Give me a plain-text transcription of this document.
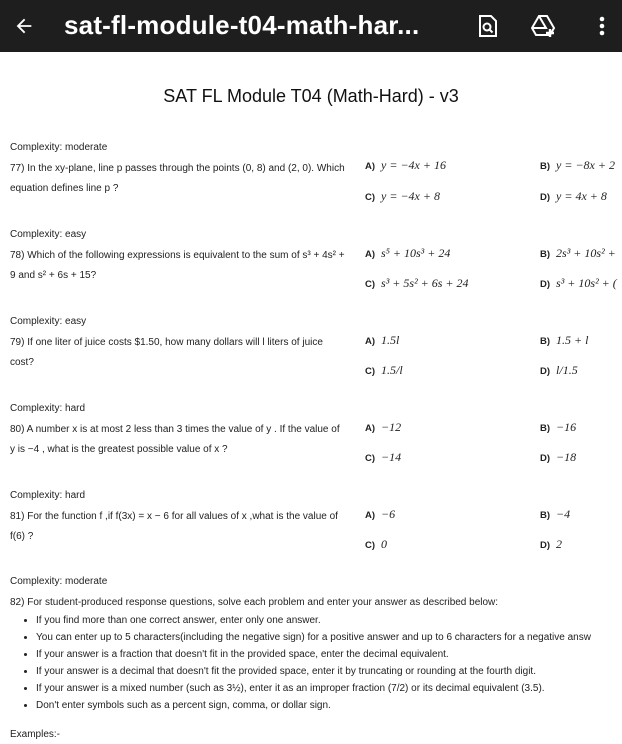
sat-fl-module-t04-math-har...
SAT FL Module T04 (Math-Hard) - v3
Complexity: moderate
77) In the xy-plane, line p passes through the points (0, 8) and (2, 0). Which equation defines line p ?
A) y = −4x + 16	B) y = −8x + 2
C) y = −4x + 8	D) y = 4x + 8
Complexity: easy
78) Which of the following expressions is equivalent to the sum of s³ + 4s² + 9 and s² + 6s + 15?
A) s⁵ + 10s³ + 24	B) 2s³ + 10s² +
C) s³ + 5s² + 6s + 24	D) s³ + 10s² + (
Complexity: easy
79) If one liter of juice costs $1.50, how many dollars will l liters of juice cost?
A) 1.5l	B) 1.5 + l
C) 1.5/l	D) l/1.5
Complexity: hard
80) A number x is at most 2 less than 3 times the value of y . If the value of y is −4 , what is the greatest possible value of x ?
A) −12	B) −16
C) −14	D) −18
Complexity: hard
81) For the function f ,if f(3x) = x − 6 for all values of x ,what is the value of f(6) ?
A) −6	B) −4
C) 0	D) 2
Complexity: moderate
82) For student-produced response questions, solve each problem and enter your answer as described below:
• If you find more than one correct answer, enter only one answer.
• You can enter up to 5 characters(including the negative sign) for a positive answer and up to 6 characters for a negative answ
• If your answer is a fraction that doesn't fit in the provided space, enter the decimal equivalent.
• If your answer is a decimal that doesn't fit the provided space, enter it by truncating or rounding at the fourth digit.
• If your answer is a mixed number (such as 3½), enter it as an improper fraction (7/2) or its decimal equivalent (3.5).
• Don't enter symbols such as a percent sign, comma, or dollar sign.
Examples:-
